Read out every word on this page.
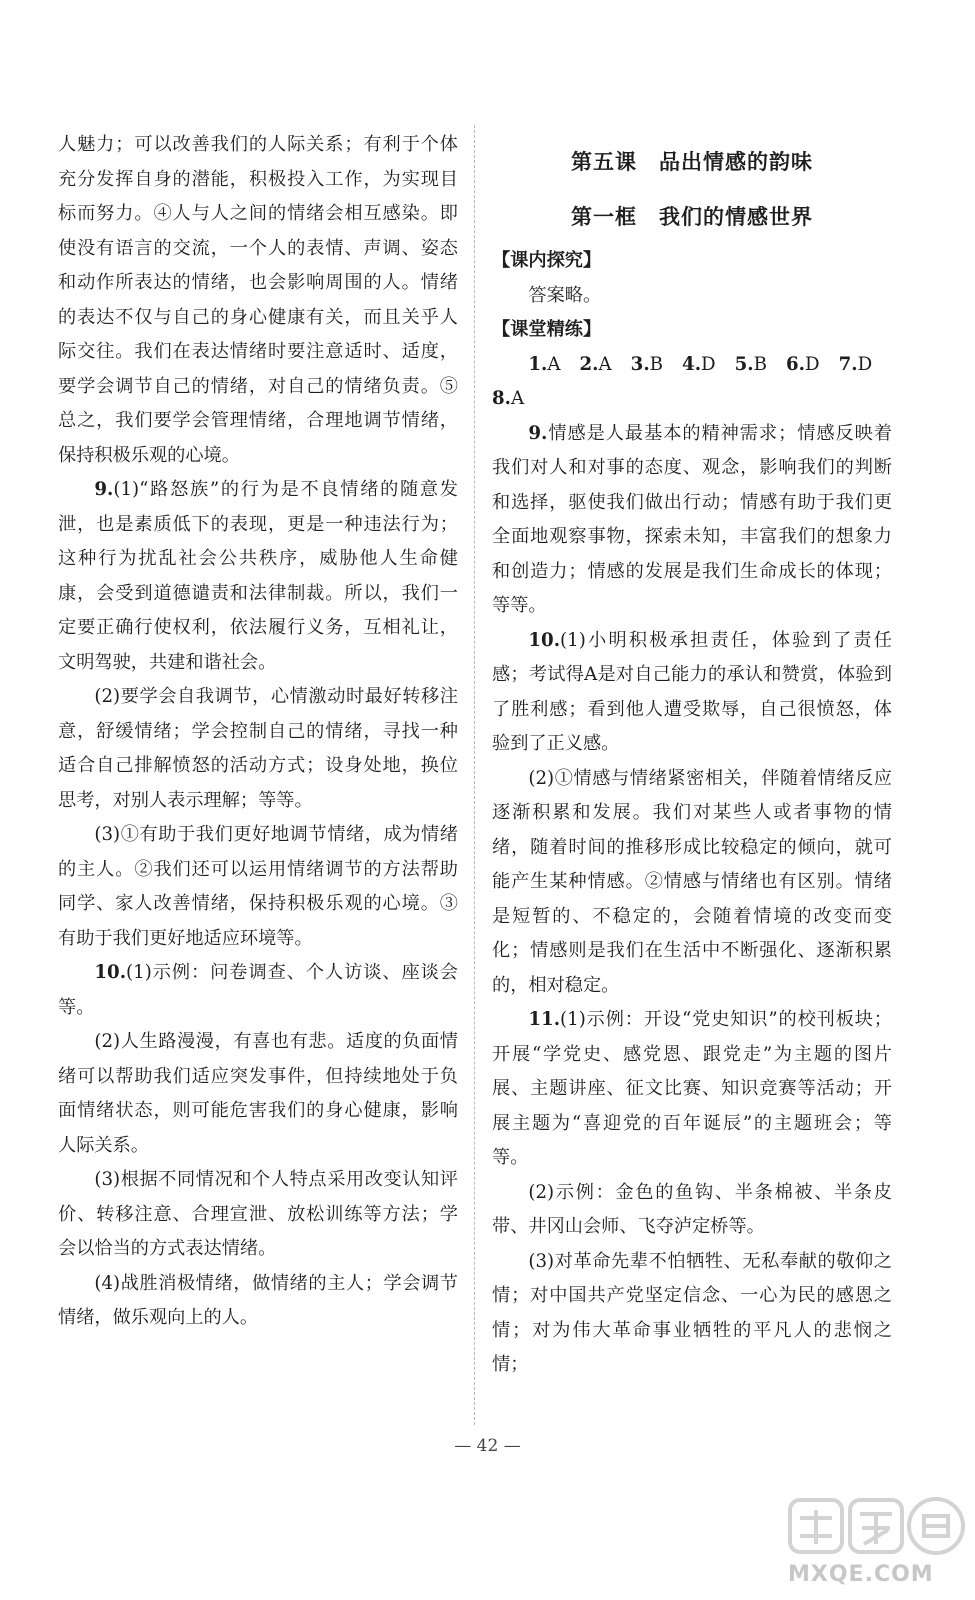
人魅力；可以改善我们的人际关系；有利于个体充分发挥自身的潜能，积极投入工作，为实现目标而努力。④人与人之间的情绪会相互感染。即使没有语言的交流，一个人的表情、声调、姿态和动作所表达的情绪，也会影响周围的人。情绪的表达不仅与自己的身心健康有关，而且关乎人际交往。我们在表达情绪时要注意适时、适度，要学会调节自己的情绪，对自己的情绪负责。⑤总之，我们要学会管理情绪，合理地调节情绪，保持积极乐观的心境。

9.(1)“路怒族”的行为是不良情绪的随意发泄，也是素质低下的表现，更是一种违法行为；这种行为扰乱社会公共秩序，威胁他人生命健康，会受到道德谴责和法律制裁。所以，我们一定要正确行使权利，依法履行义务，互相礼让，文明驾驶，共建和谐社会。

(2)要学会自我调节，心情激动时最好转移注意，舒缓情绪；学会控制自己的情绪，寻找一种适合自己排解愤怒的活动方式；设身处地，换位思考，对别人表示理解；等等。

(3)①有助于我们更好地调节情绪，成为情绪的主人。②我们还可以运用情绪调节的方法帮助同学、家人改善情绪，保持积极乐观的心境。③有助于我们更好地适应环境等。

10.(1)示例：问卷调查、个人访谈、座谈会等。

(2)人生路漫漫，有喜也有悲。适度的负面情绪可以帮助我们适应突发事件，但持续地处于负面情绪状态，则可能危害我们的身心健康，影响人际关系。

(3)根据不同情况和个人特点采用改变认知评价、转移注意、合理宣泄、放松训练等方法；学会以恰当的方式表达情绪。

(4)战胜消极情绪，做情绪的主人；学会调节情绪，做乐观向上的人。

第五课　品出情感的韵味
第一框　我们的情感世界
【课内探究】

答案略。

【课堂精练】
1.A 2.A 3.B 4.D 5.B 6.D 7.D
8.A

9.情感是人最基本的精神需求；情感反映着我们对人和对事的态度、观念，影响我们的判断和选择，驱使我们做出行动；情感有助于我们更全面地观察事物，探索未知，丰富我们的想象力和创造力；情感的发展是我们生命成长的体现；等等。

10.(1)小明积极承担责任，体验到了责任感；考试得A是对自己能力的承认和赞赏，体验到了胜利感；看到他人遭受欺辱，自己很愤怒，体验到了正义感。

(2)①情感与情绪紧密相关，伴随着情绪反应逐渐积累和发展。我们对某些人或者事物的情绪，随着时间的推移形成比较稳定的倾向，就可能产生某种情感。②情感与情绪也有区别。情绪是短暂的、不稳定的，会随着情境的改变而变化；情感则是我们在生活中不断强化、逐渐积累的，相对稳定。

11.(1)示例：开设“党史知识”的校刊板块；开展“学党史、感党恩、跟党走”为主题的图片展、主题讲座、征文比赛、知识竞赛等活动；开展主题为“喜迎党的百年诞辰”的主题班会；等等。

(2)示例：金色的鱼钩、半条棉被、半条皮带、井冈山会师、飞夺泸定桥等。

(3)对革命先辈不怕牺牲、无私奉献的敬仰之情；对中国共产党坚定信念、一心为民的感恩之情；对为伟大革命事业牺牲的平凡人的悲悯之情；

— 42 —
MXQE.COM
